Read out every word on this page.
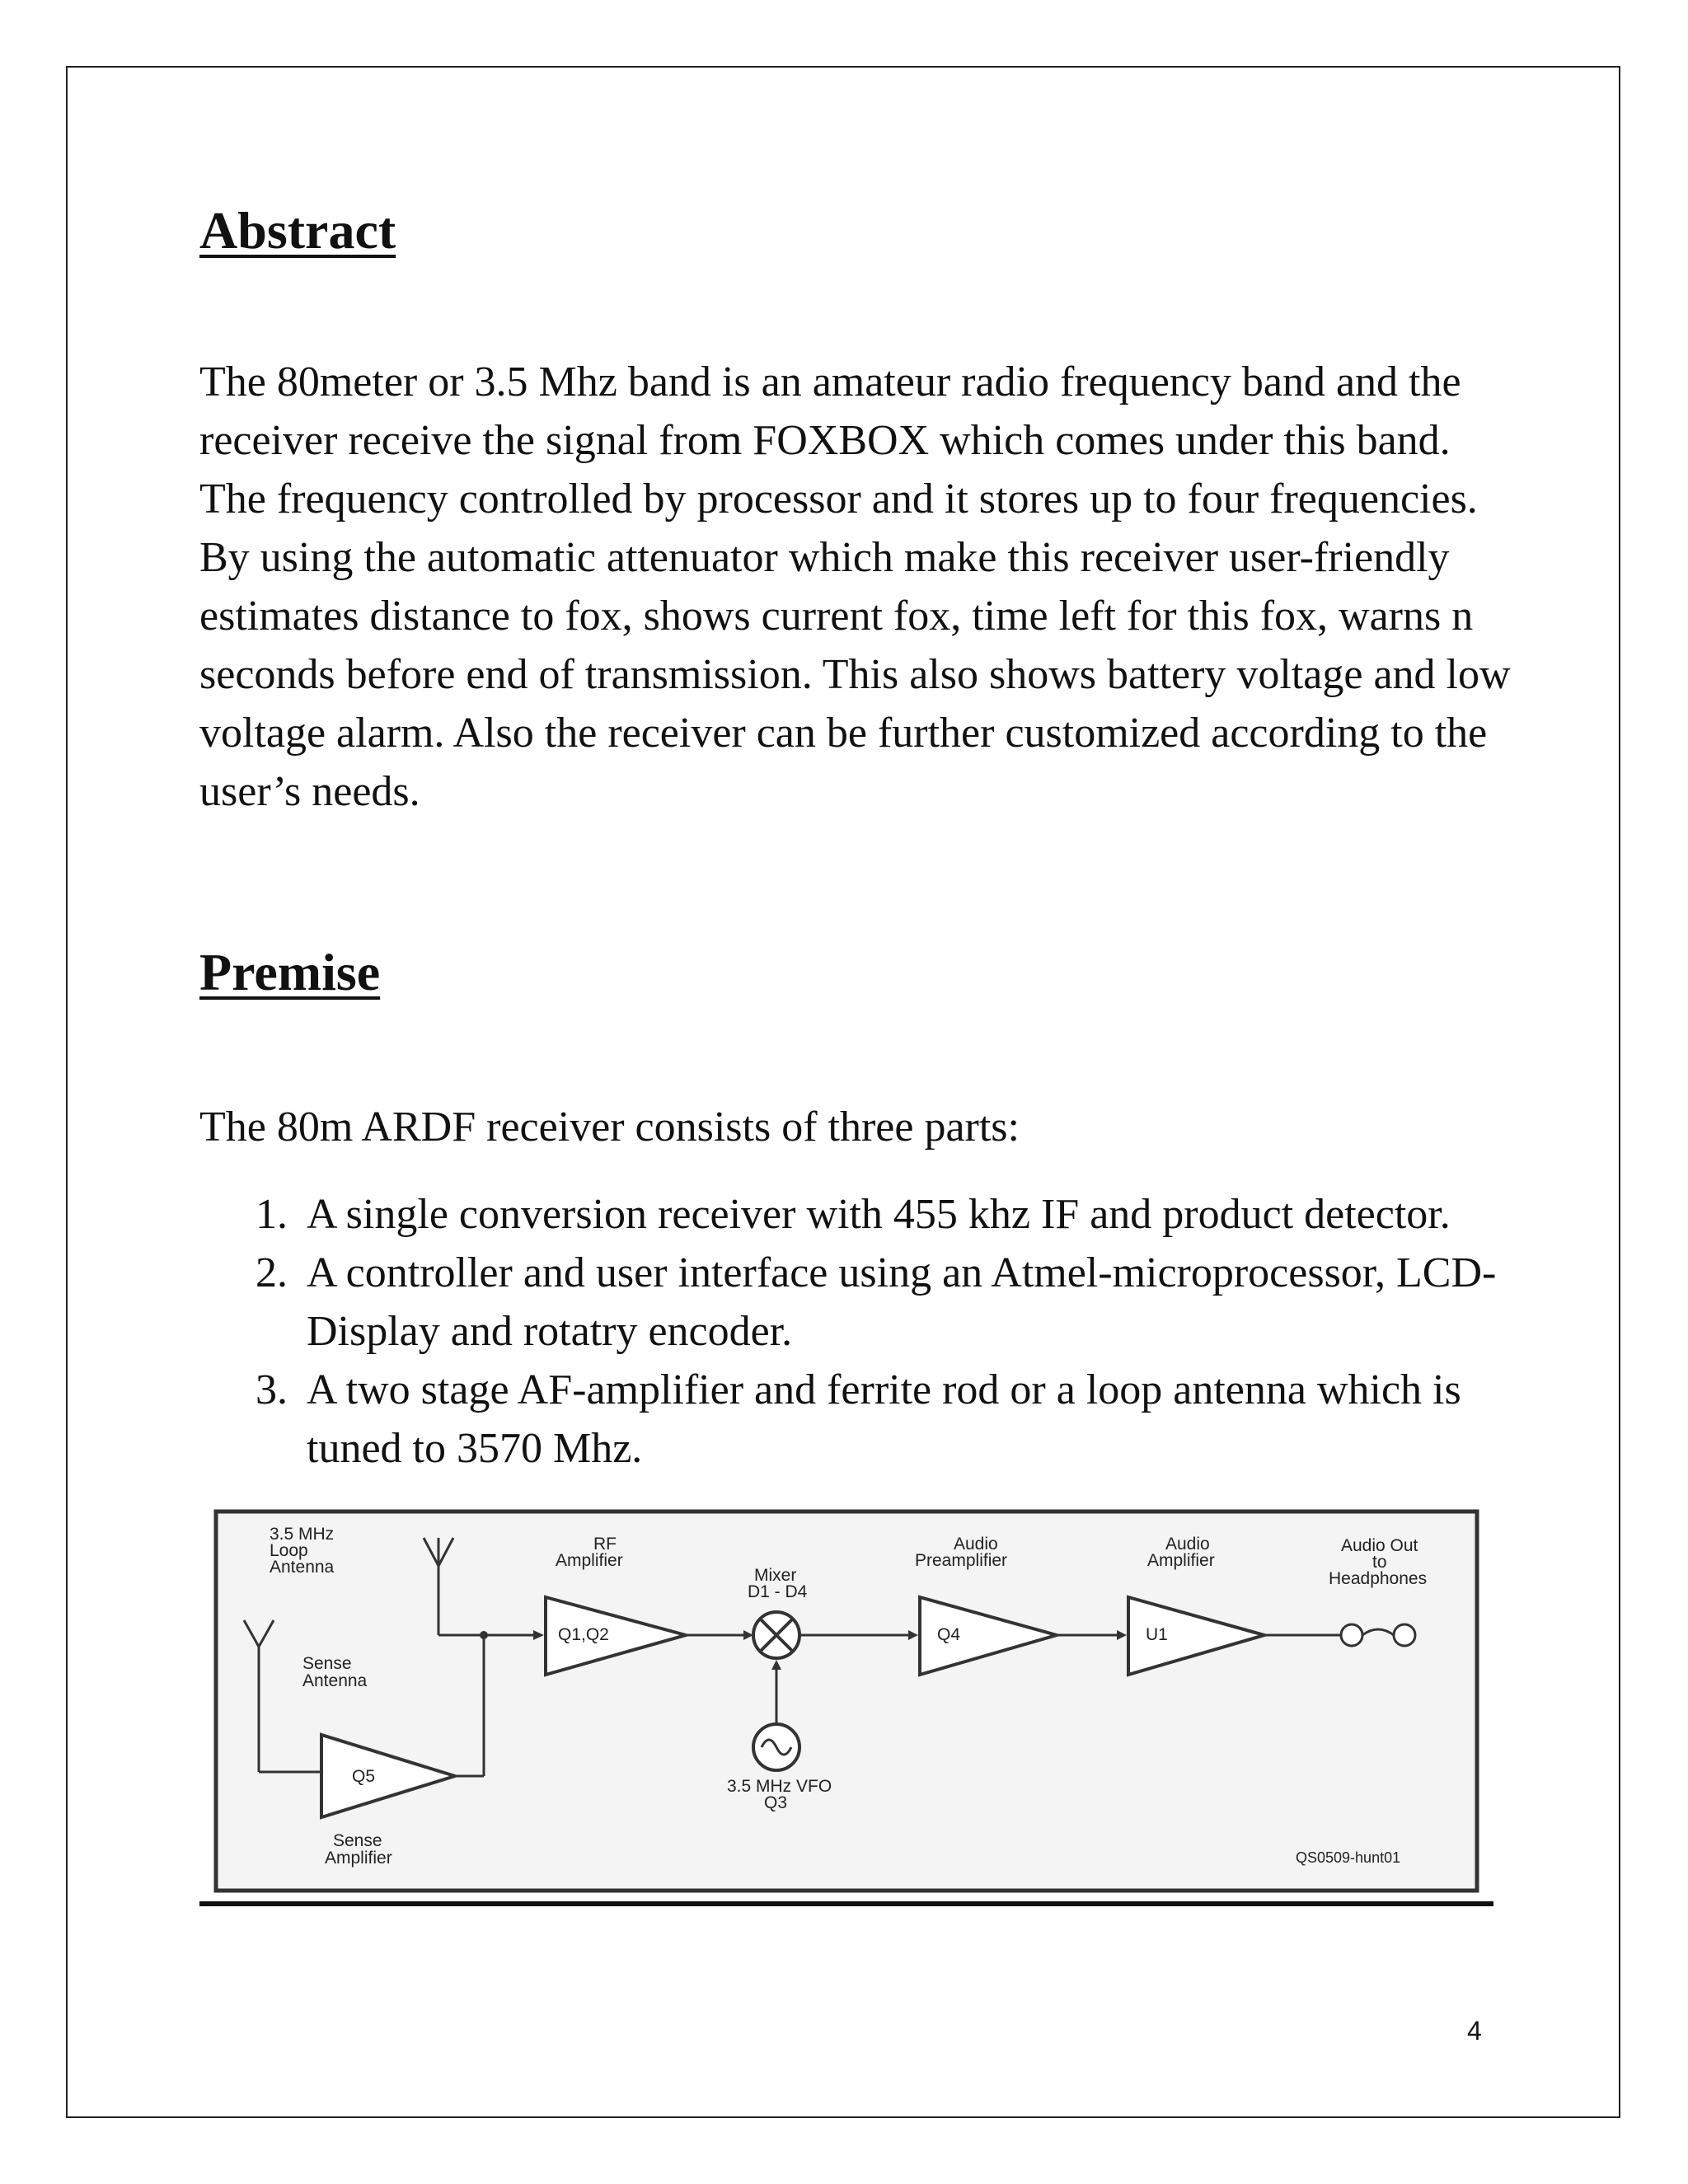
Abstract

The 80meter or 3.5 Mhz band is an amateur radio frequency band and the receiver receive the signal from FOXBOX which comes under this band. The frequency controlled by processor and it stores up to four frequencies. By using the automatic attenuator which make this receiver user-friendly estimates distance to fox, shows current fox, time left for this fox, warns n seconds before end of transmission. This also shows battery voltage and low voltage alarm. Also the receiver can be further customized according to the user’s needs.

Premise

The 80m ARDF receiver consists of three parts:

1. A single conversion receiver with 455 khz IF and product detector.
2. A controller and user interface using an Atmel-microprocessor, LCD-Display and rotatry encoder.
3. A two stage AF-amplifier and ferrite rod or a loop antenna which is tuned to 3570 Mhz.
3.5 MHz Loop Antenna
Sense Antenna
Q5
Sense Amplifier
Q1,Q2
RF Amplifier
Mixer D1 - D4
3.5 MHz VFO Q3
Q4
Audio Preamplifier
U1
Audio Amplifier
Audio Out to Headphones
QS0509-hunt01
4
